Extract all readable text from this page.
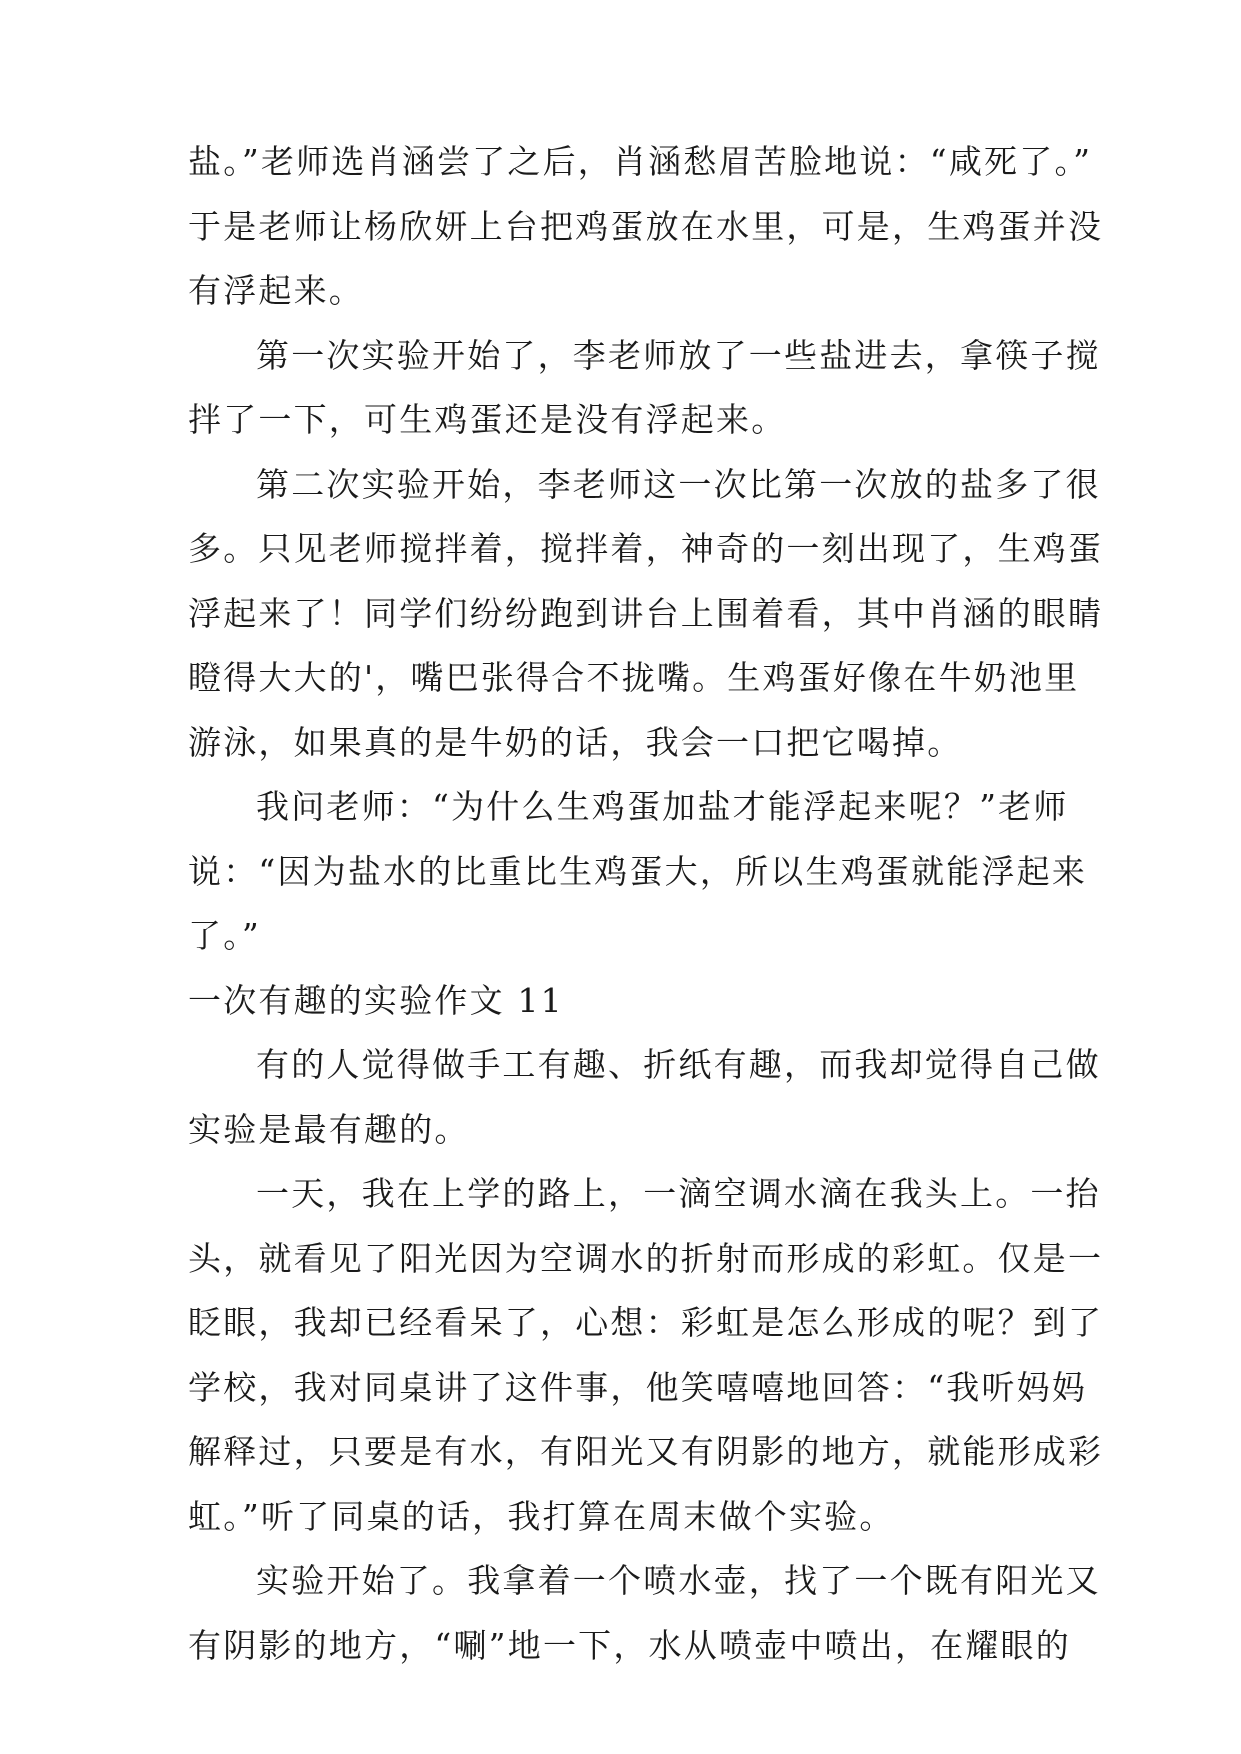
盐。”老师选肖涵尝了之后，肖涵愁眉苦脸地说：“咸死了。”
于是老师让杨欣妍上台把鸡蛋放在水里，可是，生鸡蛋并没
有浮起来。
第一次实验开始了，李老师放了一些盐进去，拿筷子搅
拌了一下，可生鸡蛋还是没有浮起来。
第二次实验开始，李老师这一次比第一次放的盐多了很
多。只见老师搅拌着，搅拌着，神奇的一刻出现了，生鸡蛋
浮起来了！同学们纷纷跑到讲台上围着看，其中肖涵的眼睛
瞪得大大的'，嘴巴张得合不拢嘴。生鸡蛋好像在牛奶池里
游泳，如果真的是牛奶的话，我会一口把它喝掉。
我问老师：“为什么生鸡蛋加盐才能浮起来呢？”老师
说：“因为盐水的比重比生鸡蛋大，所以生鸡蛋就能浮起来
了。”
一次有趣的实验作文 11
有的人觉得做手工有趣、折纸有趣，而我却觉得自己做
实验是最有趣的。
一天，我在上学的路上，一滴空调水滴在我头上。一抬
头，就看见了阳光因为空调水的折射而形成的彩虹。仅是一
眨眼，我却已经看呆了，心想：彩虹是怎么形成的呢？到了
学校，我对同桌讲了这件事，他笑嘻嘻地回答：“我听妈妈
解释过，只要是有水，有阳光又有阴影的地方，就能形成彩
虹。”听了同桌的话，我打算在周末做个实验。
实验开始了。我拿着一个喷水壶，找了一个既有阳光又
有阴影的地方，“唰”地一下，水从喷壶中喷出，在耀眼的
